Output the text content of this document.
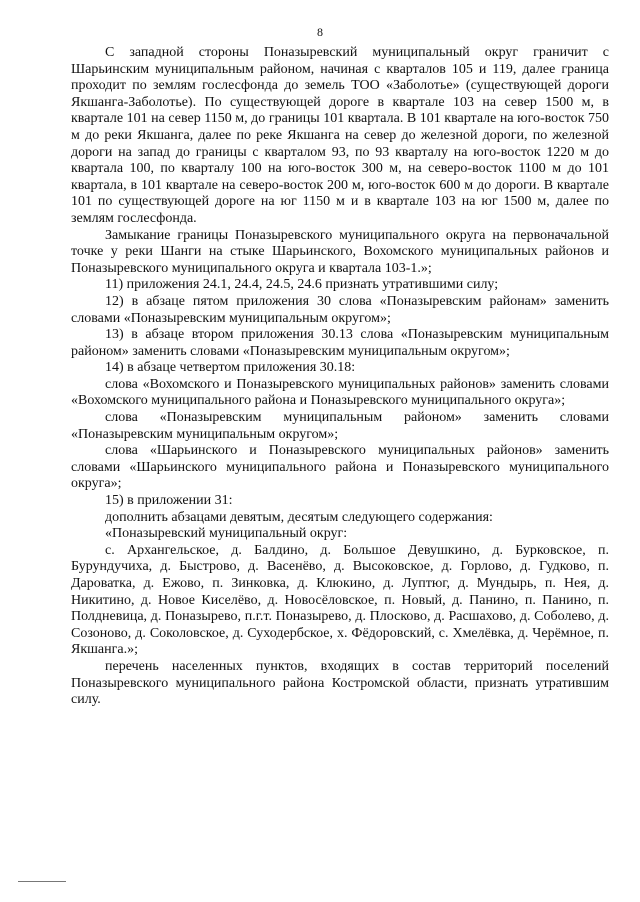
8

С западной стороны Поназыревский муниципальный округ граничит с Шарьинским муниципальным районом, начиная с кварталов 105 и 119, далее граница проходит по землям гослесфонда до земель ТОО «Заболотье» (существующей дороги Якшанга-Заболотье). По существующей дороге в квартале 103 на север 1500 м, в квартале 101 на север 1150 м, до границы 101 квартала. В 101 квартале на юго-восток 750 м до реки Якшанга, далее по реке Якшанга на север до железной дороги, по железной дороги на запад до границы с кварталом 93, по 93 кварталу на юго-восток 1220 м до квартала 100, по кварталу 100 на юго-восток 300 м, на северо-восток 1100 м до 101 квартала, в 101 квартале на северо-восток 200 м, юго-восток 600 м до дороги. В квартале 101 по существующей дороге на юг 1150 м и в квартале 103 на юг 1500 м, далее по землям гослесфонда.

Замыкание границы Поназыревского муниципального округа на первоначальной точке у реки Шанги на стыке Шарьинского, Вохомского муниципальных районов и Поназыревского муниципального округа и квартала 103-1.»;

11) приложения 24.1, 24.4, 24.5, 24.6 признать утратившими силу;

12) в абзаце пятом приложения 30 слова «Поназыревским районам» заменить словами «Поназыревским муниципальным округом»;

13) в абзаце втором приложения 30.13 слова «Поназыревским муниципальным районом» заменить словами «Поназыревским муниципальным округом»;

14) в абзаце четвертом приложения 30.18:

слова «Вохомского и Поназыревского муниципальных районов» заменить словами «Вохомского муниципального района и Поназыревского муниципального округа»;

слова «Поназыревским муниципальным районом» заменить словами «Поназыревским муниципальным округом»;

слова «Шарьинского и Поназыревского муниципальных районов» заменить словами «Шарьинского муниципального района и Поназыревского муниципального округа»;

15) в приложении 31:

дополнить абзацами девятым, десятым следующего содержания:

«Поназыревский муниципальный округ:

с. Архангельское, д. Балдино, д. Большое Девушкино, д. Бурковское, п. Бурундучиха, д. Быстрово, д. Васенёво, д. Высоковское, д. Горлово, д. Гудково, п. Дароватка, д. Ежово, п. Зинковка, д. Клюкино, д. Луптюг, д. Мундырь, п. Нея, д. Никитино, д. Новое Киселёво, д. Новосёловское, п. Новый, д. Панино, п. Панино, п. Полдневица, д. Поназырево, п.г.т. Поназырево, д. Плосково, д. Расшахово, д. Соболево, д. Созоново, д. Соколовское, д. Суходербское, х. Фёдоровский, с. Хмелёвка, д. Черёмное, п. Якшанга.»;

перечень населенных пунктов, входящих в состав территорий поселений Поназыревского муниципального района Костромской области, признать утратившим силу.
